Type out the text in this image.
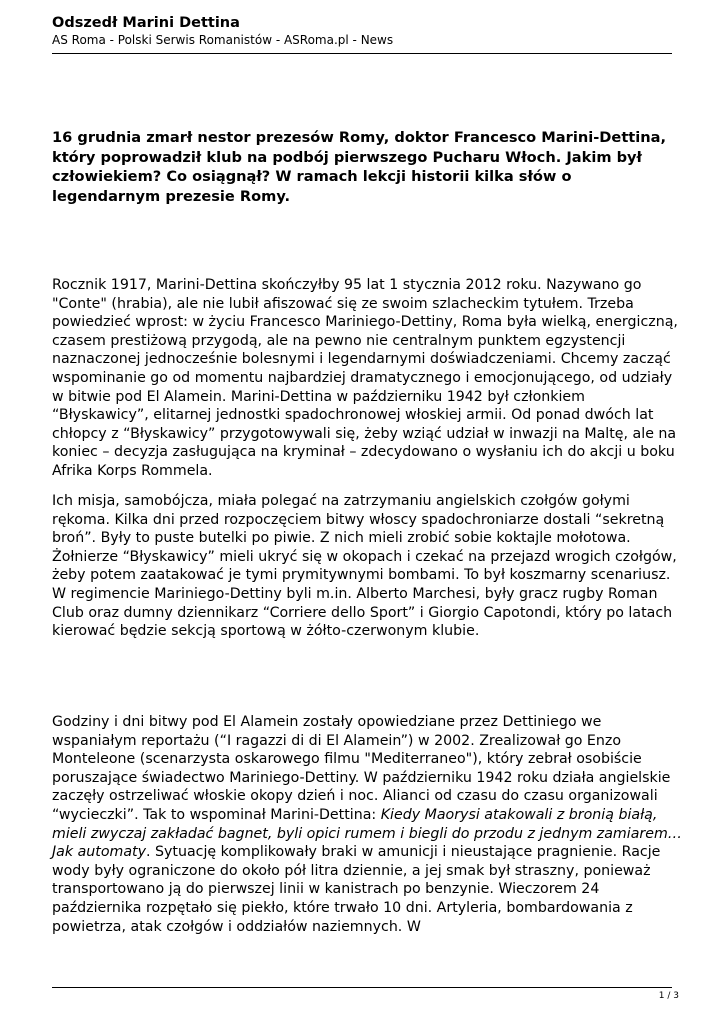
Odszedł Marini Dettina
AS Roma - Polski Serwis Romanistów - ASRoma.pl - News
16 grudnia zmarł nestor prezesów Romy, doktor Francesco Marini-Dettina, który poprowadził klub na podbój pierwszego Pucharu Włoch. Jakim był człowiekiem? Co osiągnął? W ramach lekcji historii kilka słów o legendarnym prezesie Romy.

Rocznik 1917, Marini-Dettina skończyłby 95 lat 1 stycznia 2012 roku. Nazywano go "Conte" (hrabia), ale nie lubił afiszować się ze swoim szlacheckim tytułem. Trzeba powiedzieć wprost: w życiu Francesco Mariniego-Dettiny, Roma była wielką, energiczną, czasem prestiżową przygodą, ale na pewno nie centralnym punktem egzystencji naznaczonej jednocześnie bolesnymi i legendarnymi doświadczeniami. Chcemy zacząć wspominanie go od momentu najbardziej dramatycznego i emocjonującego, od udziały w bitwie pod El Alamein. Marini-Dettina w październiku 1942 był członkiem “Błyskawicy”, elitarnej jednostki spadochronowej włoskiej armii. Od ponad dwóch lat chłopcy z “Błyskawicy” przygotowywali się, żeby wziąć udział w inwazji na Maltę, ale na koniec – decyzja zasługująca na kryminał – zdecydowano o wysłaniu ich do akcji u boku Afrika Korps Rommela.

Ich misja, samobójcza, miała polegać na zatrzymaniu angielskich czołgów gołymi rękoma. Kilka dni przed rozpoczęciem bitwy włoscy spadochroniarze dostali “sekretną broń”. Były to puste butelki po piwie. Z nich mieli zrobić sobie koktajle mołotowa. Żołnierze “Błyskawicy” mieli ukryć się w okopach i czekać na przejazd wrogich czołgów, żeby potem zaatakować je tymi prymitywnymi bombami. To był koszmarny scenariusz. W regimencie Mariniego-Dettiny byli m.in. Alberto Marchesi, były gracz rugby Roman Club oraz dumny dziennikarz “Corriere dello Sport” i Giorgio Capotondi, który po latach kierować będzie sekcją sportową w żółto-czerwonym klubie.

Godziny i dni bitwy pod El Alamein zostały opowiedziane przez Dettiniego we wspaniałym reportażu (“I ragazzi di di El Alamein”) w 2002. Zrealizował go Enzo Monteleone (scenarzysta oskarowego filmu "Mediterraneo"), który zebrał osobiście poruszające świadectwo Mariniego-Dettiny. W październiku 1942 roku działa angielskie zaczęły ostrzeliwać włoskie okopy dzień i noc. Alianci od czasu do czasu organizowali “wycieczki”. Tak to wspominał Marini-Dettina: Kiedy Maorysi atakowali z bronią białą, mieli zwyczaj zakładać bagnet, byli opici rumem i biegli do przodu z jednym zamiarem… Jak automaty. Sytuację komplikowały braki w amunicji i nieustające pragnienie. Racje wody były ograniczone do około pół litra dziennie, a jej smak był straszny, ponieważ transportowano ją do pierwszej linii w kanistrach po benzynie. Wieczorem 24 października rozpętało się piekło, które trwało 10 dni. Artyleria, bombardowania z powietrza, atak czołgów i oddziałów naziemnych. W

1 / 3
